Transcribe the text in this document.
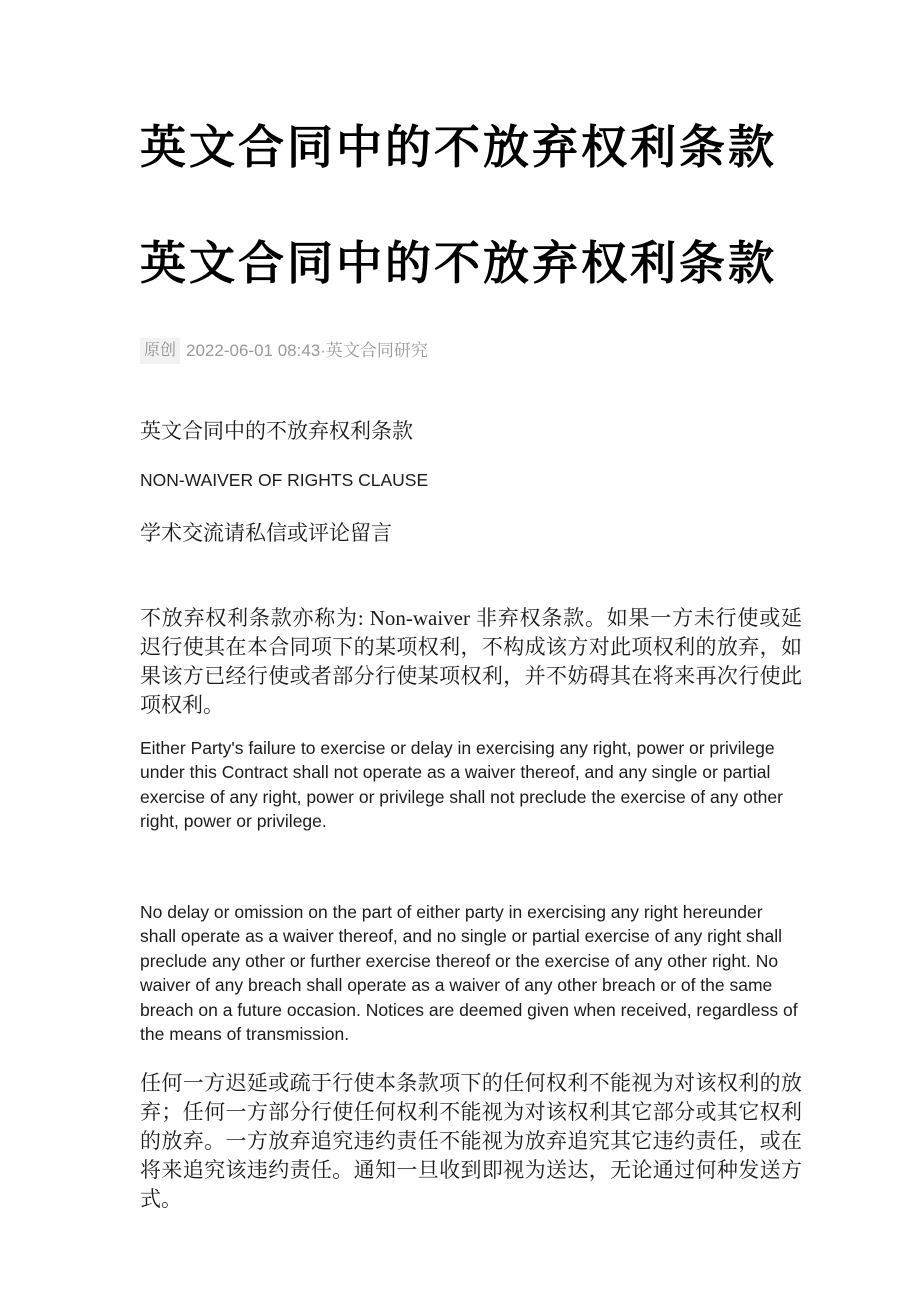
英文合同中的不放弃权利条款
英文合同中的不放弃权利条款
原创 2022-06-01 08:43·英文合同研究

英文合同中的不放弃权利条款

NON-WAIVER OF RIGHTS CLAUSE

学术交流请私信或评论留言

不放弃权利条款亦称为: Non-waiver 非弃权条款。如果一方未行使或延迟行使其在本合同项下的某项权利，不构成该方对此项权利的放弃，如果该方已经行使或者部分行使某项权利，并不妨碍其在将来再次行使此项权利。

Either Party's failure to exercise or delay in exercising any right, power or privilege under this Contract shall not operate as a waiver thereof, and any single or partial exercise of any right, power or privilege shall not preclude the exercise of any other right, power or privilege.

No delay or omission on the part of either party in exercising any right hereunder shall operate as a waiver thereof, and no single or partial exercise of any right shall preclude any other or further exercise thereof or the exercise of any other right. No waiver of any breach shall operate as a waiver of any other breach or of the same breach on a future occasion. Notices are deemed given when received, regardless of the means of transmission.

任何一方迟延或疏于行使本条款项下的任何权利不能视为对该权利的放弃；任何一方部分行使任何权利不能视为对该权利其它部分或其它权利的放弃。一方放弃追究违约责任不能视为放弃追究其它违约责任，或在将来追究该违约责任。通知一旦收到即视为送达，无论通过何种发送方式。
